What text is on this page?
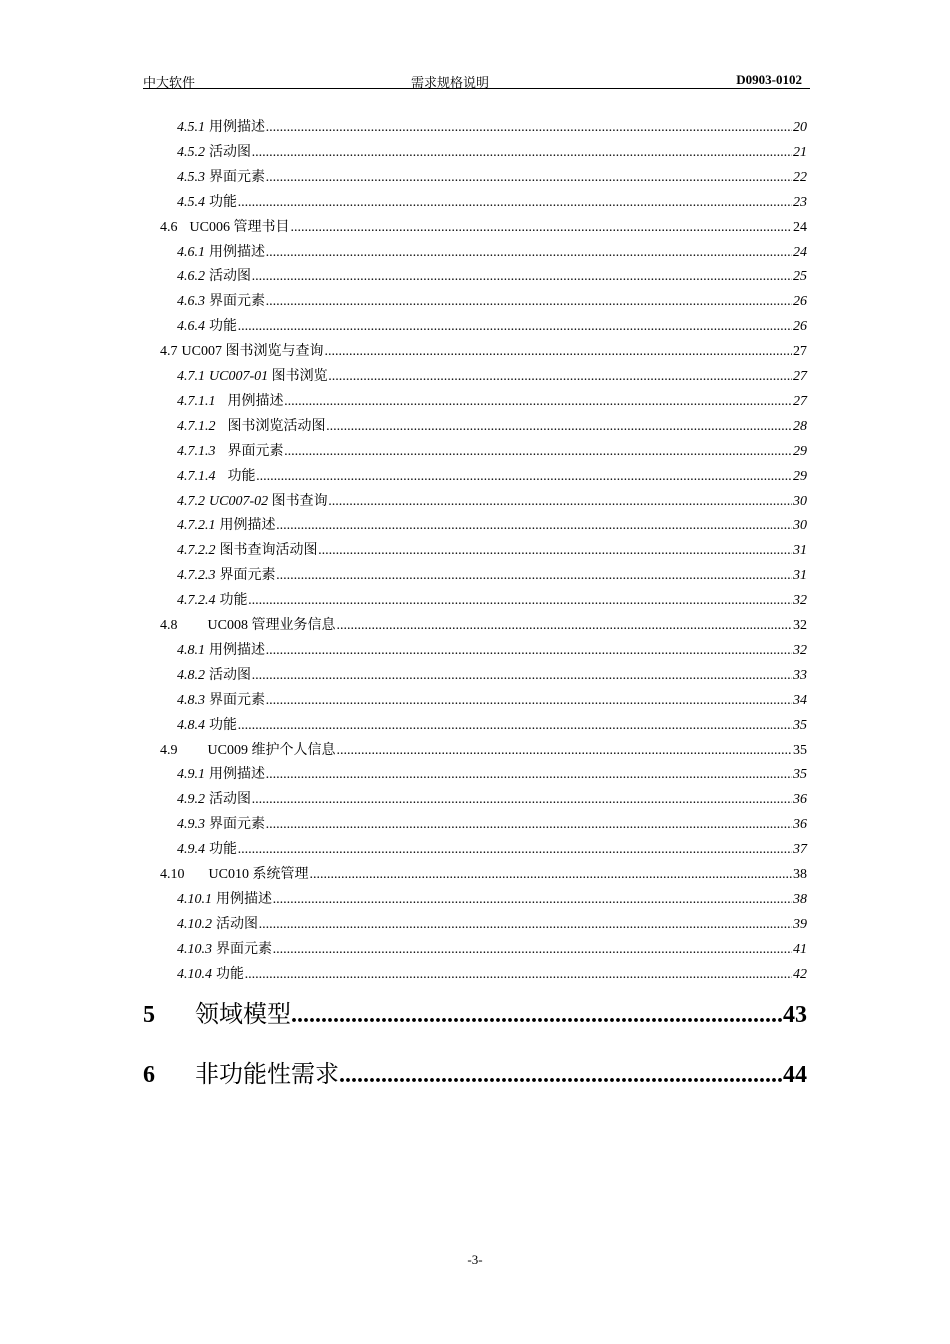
中大软件	需求规格说明	D0903-0102
4.5.1 用例描述 .....	20
4.5.2 活动图 .....	21
4.5.3 界面元素 .....	22
4.5.4 功能 .....	23
4.6 UC006 管理书目 .....	24
4.6.1 用例描述 .....	24
4.6.2 活动图 .....	25
4.6.3 界面元素 .....	26
4.6.4 功能 .....	26
4.7 UC007 图书浏览与查询 .....	27
4.7.1 UC007-01 图书浏览 .....	27
4.7.1.1 用例描述 .....	27
4.7.1.2 图书浏览活动图 .....	28
4.7.1.3 界面元素 .....	29
4.7.1.4 功能 .....	29
4.7.2 UC007-02 图书查询 .....	30
4.7.2.1 用例描述 .....	30
4.7.2.2 图书查询活动图 .....	31
4.7.2.3 界面元素 .....	31
4.7.2.4 功能 .....	32
4.8 UC008 管理业务信息 .....	32
4.8.1 用例描述 .....	32
4.8.2 活动图 .....	33
4.8.3 界面元素 .....	34
4.8.4 功能 .....	35
4.9 UC009 维护个人信息 .....	35
4.9.1 用例描述 .....	35
4.9.2 活动图 .....	36
4.9.3 界面元素 .....	36
4.9.4 功能 .....	37
4.10 UC010 系统管理 .....	38
4.10.1 用例描述 .....	38
4.10.2 活动图 .....	39
4.10.3 界面元素 .....	41
4.10.4 功能 .....	42
-3-
5	领域模型 .....	43
6	非功能性需求 .....	44
